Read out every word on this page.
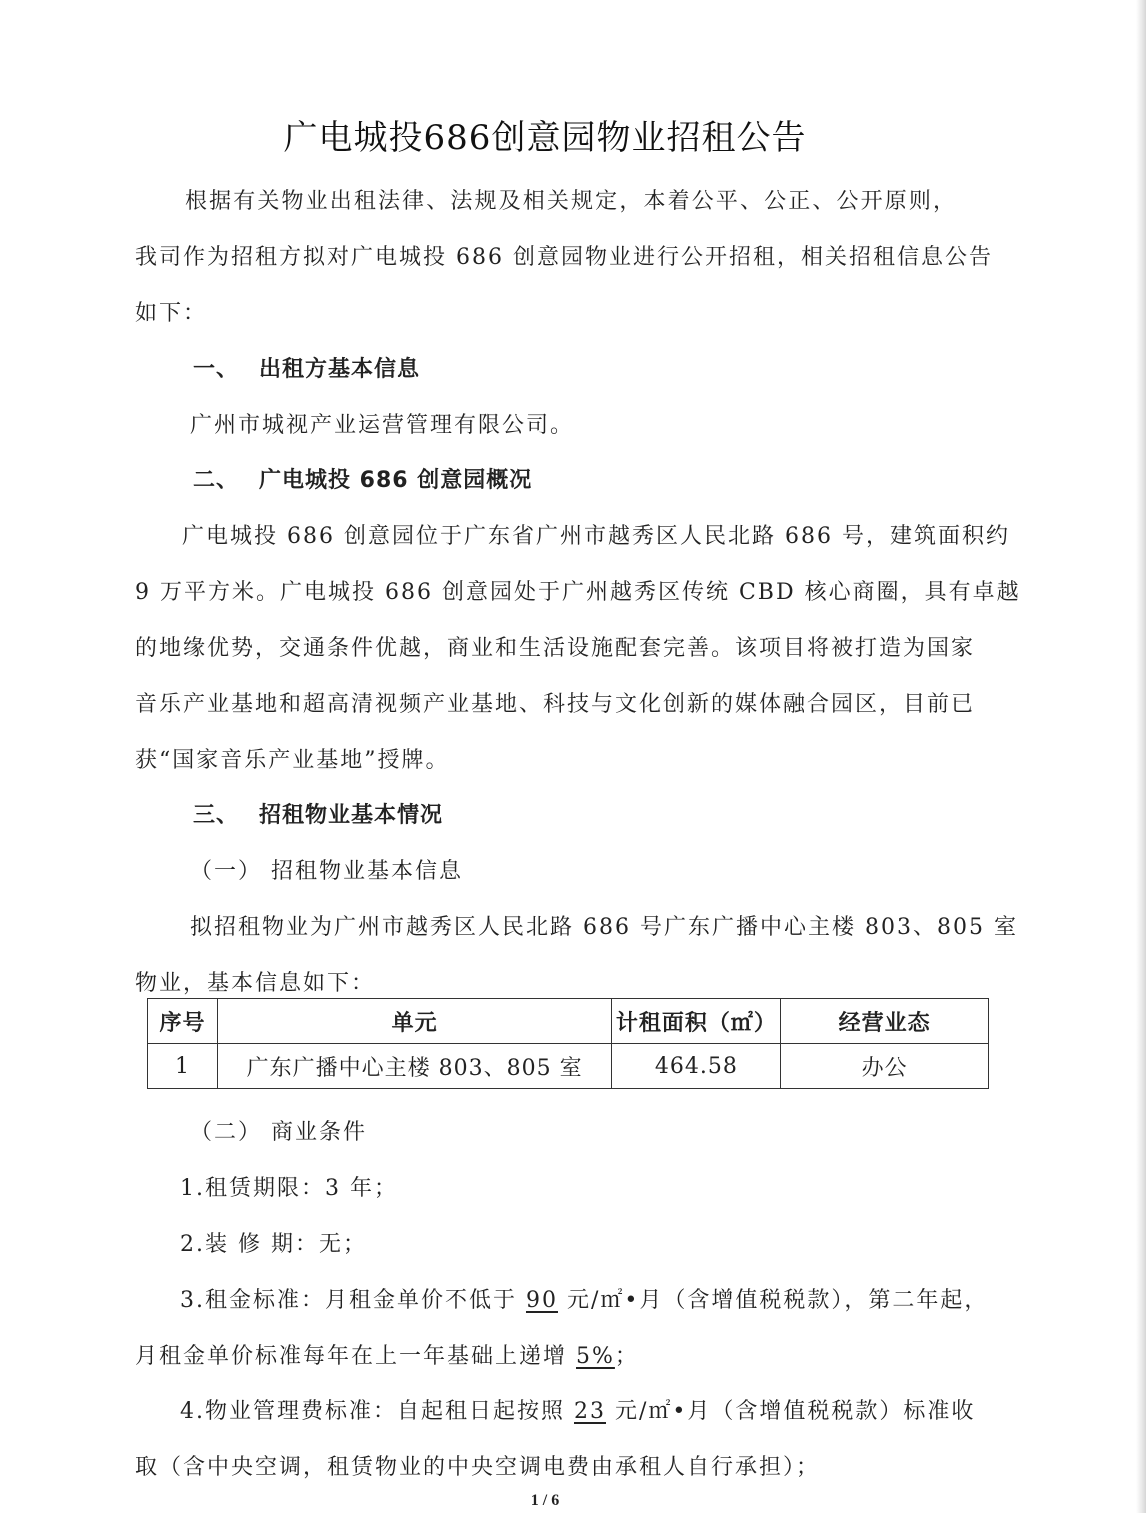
广电城投686创意园物业招租公告
根据有关物业出租法律、法规及相关规定，本着公平、公正、公开原则，
我司作为招租方拟对广电城投 686 创意园物业进行公开招租，相关招租信息公告
如下：
一、 出租方基本信息
广州市城视产业运营管理有限公司。
二、 广电城投 686 创意园概况
广电城投 686 创意园位于广东省广州市越秀区人民北路 686 号，建筑面积约
9 万平方米。广电城投 686 创意园处于广州越秀区传统 CBD 核心商圈，具有卓越
的地缘优势，交通条件优越，商业和生活设施配套完善。该项目将被打造为国家
音乐产业基地和超高清视频产业基地、科技与文化创新的媒体融合园区，目前已
获“国家音乐产业基地”授牌。
三、 招租物业基本情况
（一） 招租物业基本信息
拟招租物业为广州市越秀区人民北路 686 号广东广播中心主楼 803、805 室
物业，基本信息如下：
序号	单元	计租面积（㎡）	经营业态
1	广东广播中心主楼 803、805 室	464.58	办公
（二） 商业条件
1.租赁期限：3 年；
2.装 修 期：无；
3.租金标准：月租金单价不低于 90 元/㎡•月（含增值税税款），第二年起，
月租金单价标准每年在上一年基础上递增 5%；
4.物业管理费标准：自起租日起按照 23 元/㎡•月（含增值税税款）标准收
取（含中央空调，租赁物业的中央空调电费由承租人自行承担）；
1 / 6
